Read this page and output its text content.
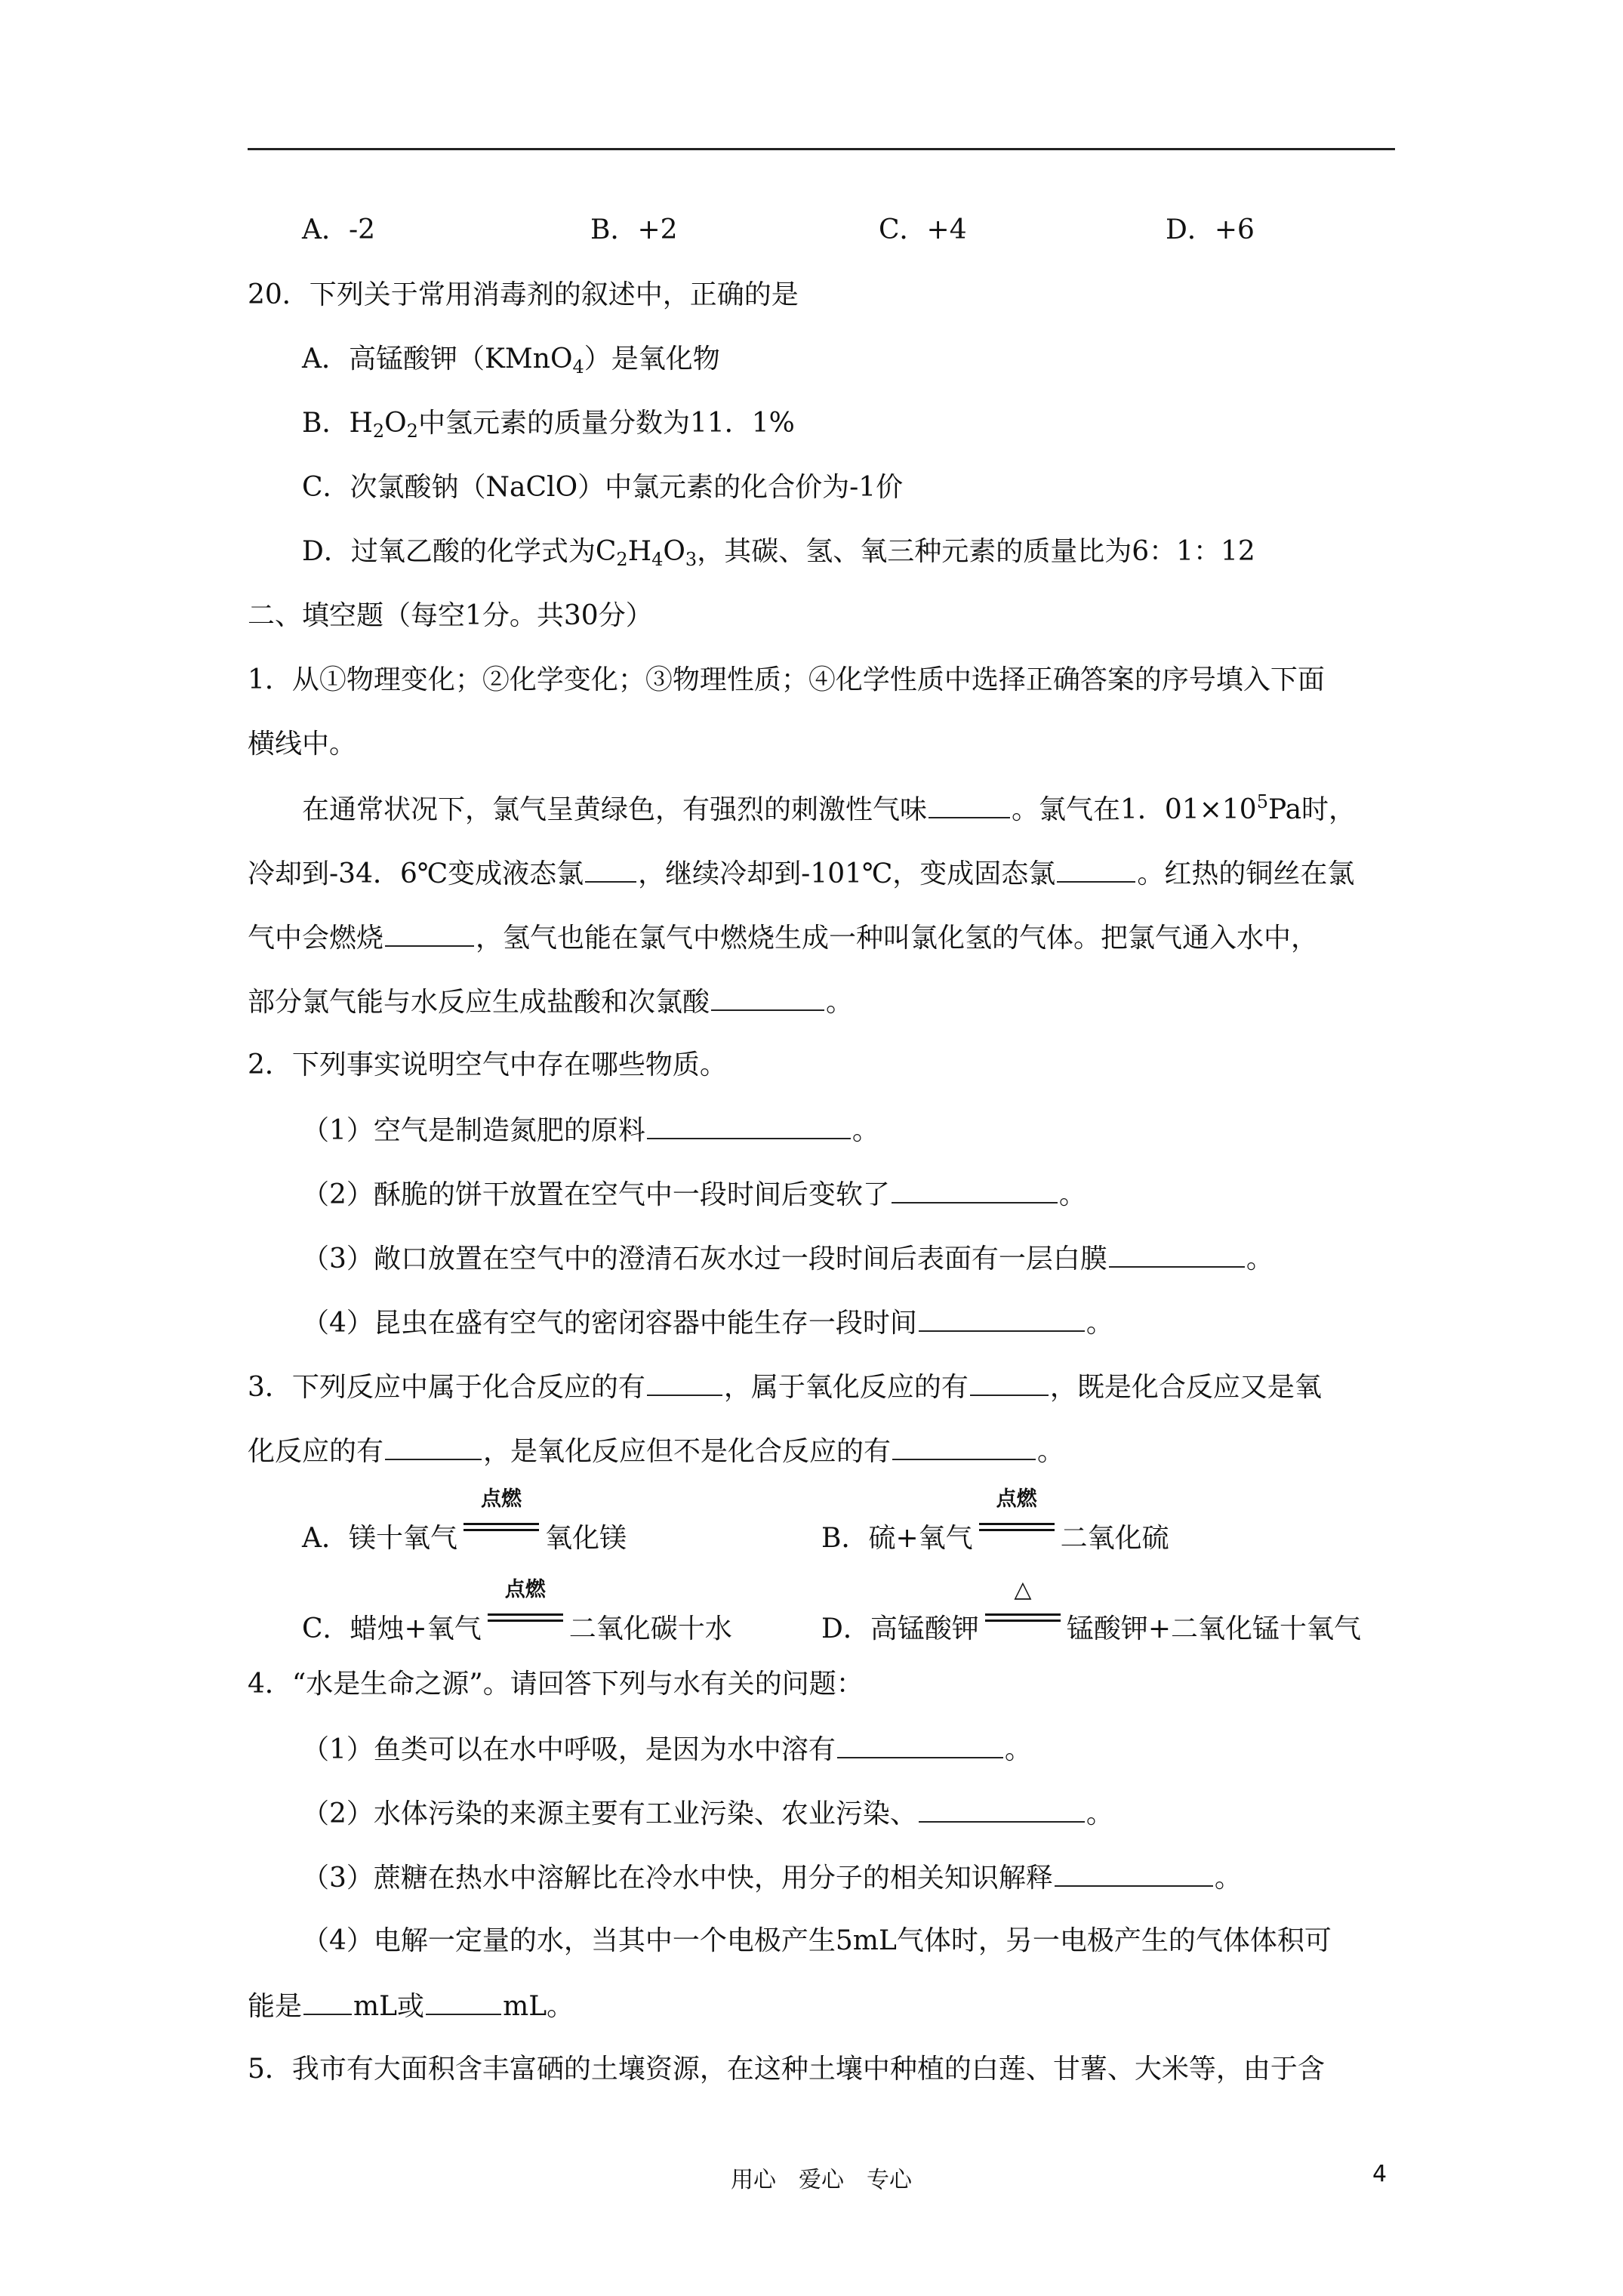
A．-2	B．+2	C．+4	D．+6
20．下列关于常用消毒剂的叙述中，正确的是
A．高锰酸钾（KMnO$_4$）是氧化物
B．$H_2O_2$中氢元素的质量分数为11．1%
C．次氯酸钠（NaClO）中氯元素的化合价为-1价
D．过氧乙酸的化学式为$C_2H_4O_3$，其碳、氢、氧三种元素的质量比为6：1：12
二、填空题（每空1分。共30分）
1．从①物理变化；②化学变化；③物理性质；④化学性质中选择正确答案的序号填入下面
横线中。
在通常状况下，氯气呈黄绿色，有强烈的刺激性气味	。氯气在1．$01\times 10^5Pa$时，
冷却到-34．6℃变成液态氯 ，继续冷却到-101℃，变成固态氯	。红热的铜丝在氯
气中会燃烧	，氢气也能在氯气中燃烧生成一种叫氯化氢的气体。把氯气通入水中，
部分氯气能与水反应生成盐酸和次氯酸	。
2．下列事实说明空气中存在哪些物质。
（1）空气是制造氮肥的原料	。
（2）酥脆的饼干放置在空气中一段时间后变软了	。
（3）敞口放置在空气中的澄清石灰水过一段时间后表面有一层白膜	。
（4）昆虫在盛有空气的密闭容器中能生存一段时间	。
3．下列反应中属于化合反应的有	，属于氧化反应的有	，既是化合反应又是氧
化反应的有	，是氧化反应但不是化合反应的有	。
A．镁十氧气
点燃
氧化镁	B．硫+氧气
点燃
二氧化硫
C．蜡烛+氧气
点燃
二氧化碳十水	D．高锰酸钾
△
锰酸钾+二氧化锰十氧气
4．“水是生命之源”。请回答下列与水有关的问题：
（1）鱼类可以在水中呼吸，是因为水中溶有	。
（2）水体污染的来源主要有工业污染、农业污染、	。
（3）蔗糖在热水中溶解比在冷水中快，用分子的相关知识解释	。
（4）电解一定量的水，当其中一个电极产生5mL气体时，另一电极产生的气体体积可
能是 mL或	mL。
5．我市有大面积含丰富硒的土壤资源，在这种土壤中种植的白莲、甘薯、大米等，由于含
用心　爱心　专心	4
